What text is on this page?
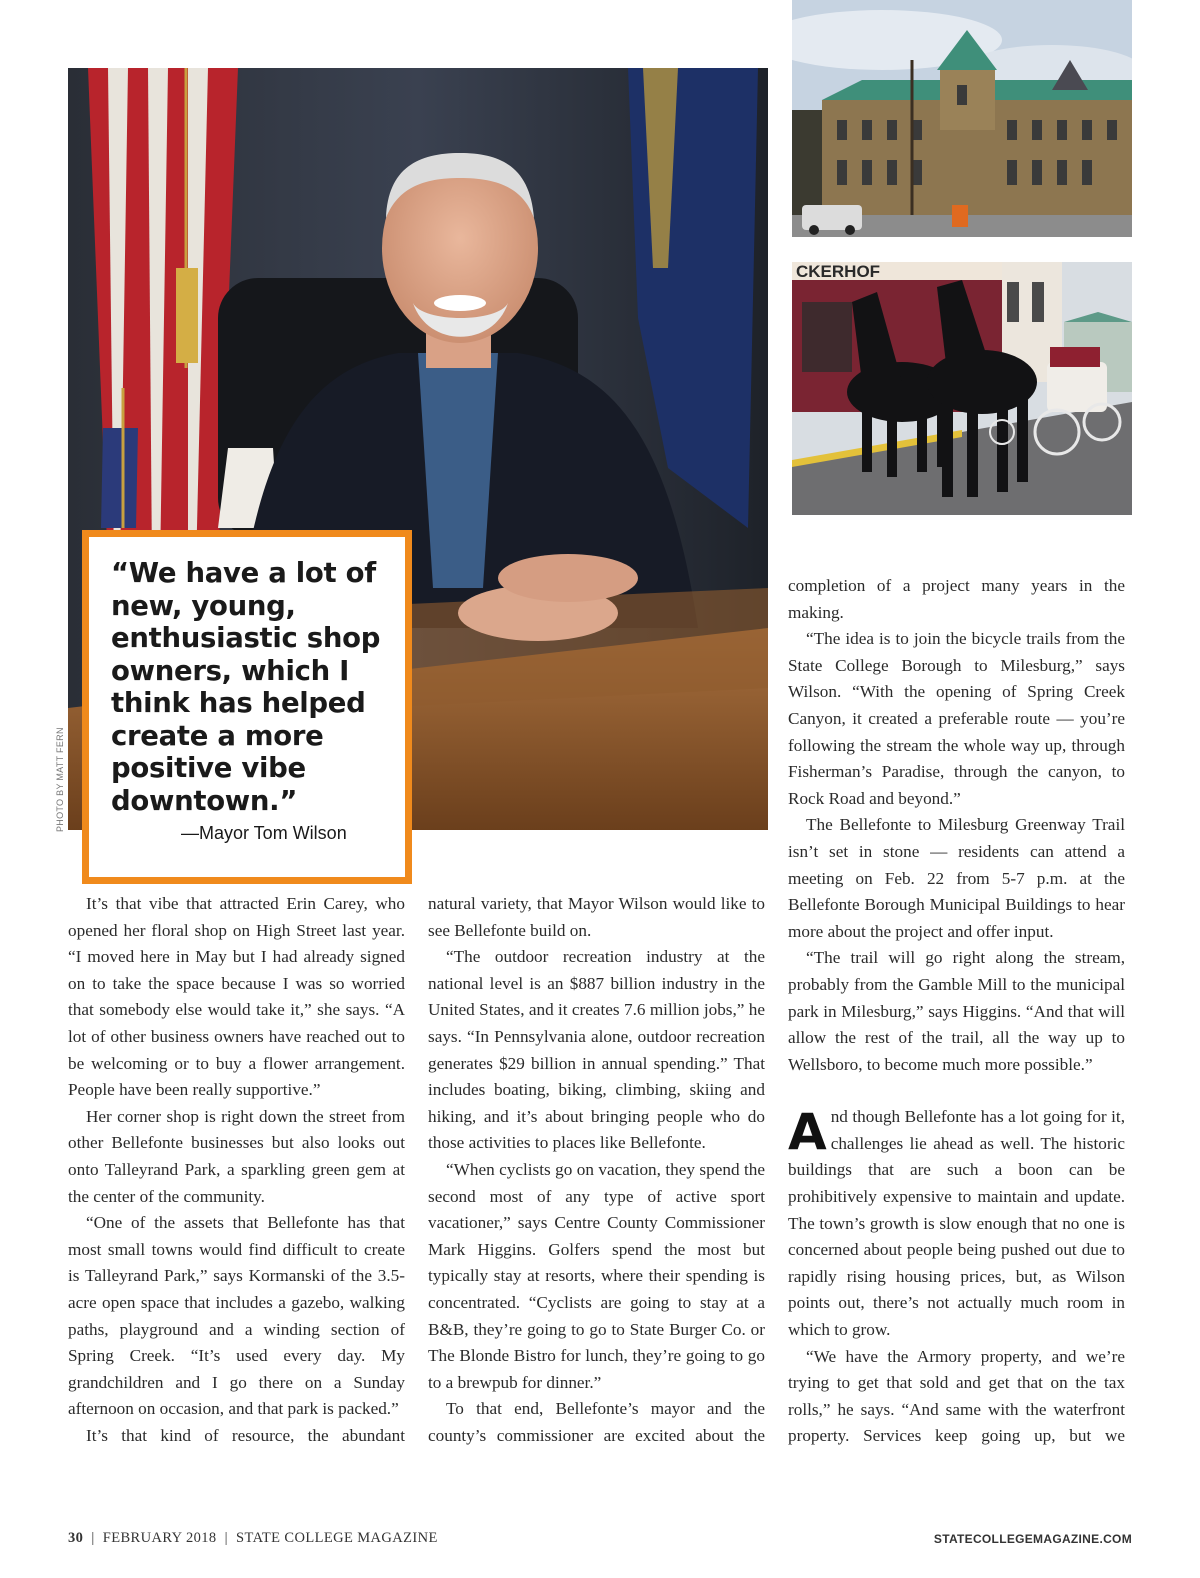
CKERHOF
PHOTO BY MATT FERN

“We have a lot of new, young, enthusiastic shop owners, which I think has helped create a more positive vibe downtown.”

—Mayor Tom Wilson

It’s that vibe that attracted Erin Carey, who opened her floral shop on High Street last year. “I moved here in May but I had already signed on to take the space because I was so worried that somebody else would take it,” she says. “A lot of other business owners have reached out to be welcoming or to buy a flower arrangement. People have been really supportive.”

Her corner shop is right down the street from other Bellefonte businesses but also looks out onto Talleyrand Park, a sparkling green gem at the center of the community.

“One of the assets that Bellefonte has that most small towns would find difficult to create is Talleyrand Park,” says Kormanski of the 3.5-acre open space that includes a gazebo, walking paths, playground and a winding section of Spring Creek. “It’s used every day. My grandchildren and I go there on a Sunday afternoon on occasion, and that park is packed.”

It’s that kind of resource, the abundant

natural variety, that Mayor Wilson would like to see Bellefonte build on.

“The outdoor recreation industry at the national level is an $887 billion industry in the United States, and it creates 7.6 million jobs,” he says. “In Pennsylvania alone, outdoor recreation generates $29 billion in annual spending.” That includes boating, biking, climbing, skiing and hiking, and it’s about bringing people who do those activities to places like Bellefonte.

“When cyclists go on vacation, they spend the second most of any type of active sport vacationer,” says Centre County Commissioner Mark Higgins. Golfers spend the most but typically stay at resorts, where their spending is concentrated. “Cyclists are going to stay at a B&B, they’re going to go to State Burger Co. or The Blonde Bistro for lunch, they’re going to go to a brewpub for dinner.”

To that end, Bellefonte’s mayor and the county’s commissioner are excited about the

completion of a project many years in the making.

“The idea is to join the bicycle trails from the State College Borough to Milesburg,” says Wilson. “With the opening of Spring Creek Canyon, it created a preferable route — you’re following the stream the whole way up, through Fisherman’s Paradise, through the canyon, to Rock Road and beyond.”

The Bellefonte to Milesburg Greenway Trail isn’t set in stone — residents can attend a meeting on Feb. 22 from 5-7 p.m. at the Bellefonte Borough Municipal Buildings to hear more about the project and offer input.

“The trail will go right along the stream, probably from the Gamble Mill to the municipal park in Milesburg,” says Higgins. “And that will allow the rest of the trail, all the way up to Wellsboro, to become much more possible.”

And though Bellefonte has a lot going for it, challenges lie ahead as well. The historic buildings that are such a boon can be prohibitively expensive to maintain and update. The town’s growth is slow enough that no one is concerned about people being pushed out due to rapidly rising housing prices, but, as Wilson points out, there’s not actually much room in which to grow.

“We have the Armory property, and we’re trying to get that sold and get that on the tax rolls,” he says. “And same with the waterfront property. Services keep going up, but we

30 | FEBRUARY 2018 | STATE COLLEGE MAGAZINE	STATECOLLEGEMAGAZINE.COM
